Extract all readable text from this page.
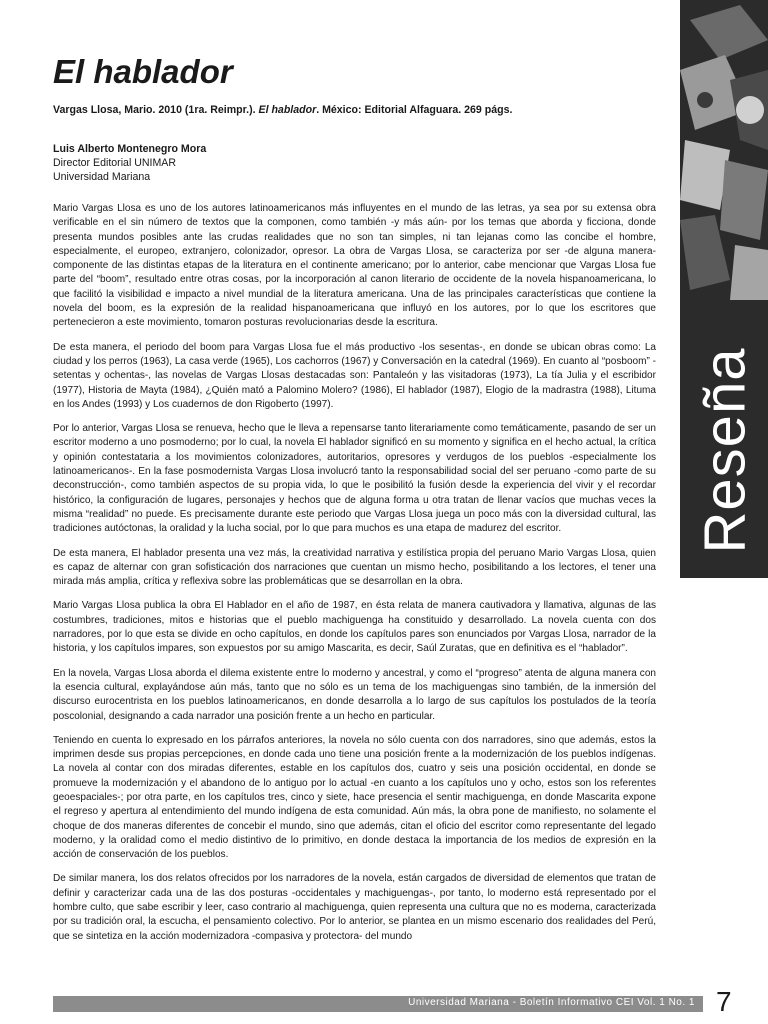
Reseña
El hablador

Vargas Llosa, Mario. 2010 (1ra. Reimpr.). El hablador. México: Editorial Alfaguara. 269 págs.

Luis Alberto Montenegro Mora
Director Editorial UNIMAR
Universidad Mariana

Mario Vargas Llosa es uno de los autores latinoamericanos más influyentes en el mundo de las letras, ya sea por su extensa obra verificable en el sin número de textos que la componen, como también -y más aún- por los temas que aborda y ficciona, donde presenta mundos posibles ante las crudas realidades que no son tan simples, ni tan lejanas como las concibe el hombre, especialmente, el europeo, extranjero, colonizador, opresor. La obra de Vargas Llosa, se caracteriza por ser -de alguna manera- componente de las distintas etapas de la literatura en el continente americano; por lo anterior, cabe mencionar que Vargas Llosa fue parte del “boom”, resultado entre otras cosas, por la incorporación al canon literario de occidente de la novela hispanoamericana, lo que facilitó la visibilidad e impacto a nivel mundial de la literatura americana. Una de las principales características que contiene la novela del boom, es la expresión de la realidad hispanoamericana que influyó en los autores, por lo que los escritores que pertenecieron a este movimiento, tomaron posturas revolucionarias desde la escritura.

De esta manera, el periodo del boom para Vargas Llosa fue el más productivo -los sesentas-, en donde se ubican obras como: La ciudad y los perros (1963), La casa verde (1965), Los cachorros (1967) y Conversación en la catedral (1969). En cuanto al “posboom” -setentas y ochentas-, las novelas de Vargas Llosas destacadas son: Pantaleón y las visitadoras (1973), La tía Julia y el escribidor (1977), Historia de Mayta (1984), ¿Quién mató a Palomino Molero? (1986), El hablador (1987), Elogio de la madrastra (1988), Lituma en los Andes (1993) y Los cuadernos de don Rigoberto (1997).

Por lo anterior, Vargas Llosa se renueva, hecho que le lleva a repensarse tanto literariamente como temáticamente, pasando de ser un escritor moderno a uno posmoderno; por lo cual, la novela El hablador significó en su momento y significa en el hecho actual, la crítica y opinión contestataria a los movimientos colonizadores, autoritarios, opresores y verdugos de los pueblos -especialmente los latinoamericanos-. En la fase posmodernista Vargas Llosa involucró tanto la responsabilidad social del ser peruano -como parte de su deconstrucción-, como también aspectos de su propia vida, lo que le posibilitó la fusión desde la experiencia del vivir y el recordar histórico, la configuración de lugares, personajes y hechos que de alguna forma u otra tratan de llenar vacíos que muchas veces la misma “realidad” no puede. Es precisamente durante este periodo que Vargas Llosa juega un poco más con la diversidad cultural, las tradiciones autóctonas, la oralidad y la lucha social, por lo que para muchos es una etapa de madurez del escritor.

De esta manera, El hablador presenta una vez más, la creatividad narrativa y estilística propia del peruano Mario Vargas Llosa, quien es capaz de alternar con gran sofisticación dos narraciones que cuentan un mismo hecho, posibilitando a los lectores, el tener una mirada más amplia, crítica y reflexiva sobre las problemáticas que se desarrollan en la obra.

Mario Vargas Llosa publica la obra El Hablador en el año de 1987, en ésta relata de manera cautivadora y llamativa, algunas de las costumbres, tradiciones, mitos e historias que el pueblo machiguenga ha constituido y desarrollado. La novela cuenta con dos narradores, por lo que esta se divide en ocho capítulos, en donde los capítulos pares son enunciados por Vargas Llosa, narrador de la historia, y los capítulos impares, son expuestos por su amigo Mascarita, es decir, Saúl Zuratas, que en definitiva es el “hablador”.

En la novela, Vargas Llosa aborda el dilema existente entre lo moderno y ancestral, y como el “progreso” atenta de alguna manera con la esencia cultural, explayándose aún más, tanto que no sólo es un tema de los machiguengas sino también, de la inmersión del discurso eurocentrista en los pueblos latinoamericanos, en donde desarrolla a lo largo de sus capítulos los postulados de la teoría poscolonial, designando a cada narrador una posición frente a un hecho en particular.

Teniendo en cuenta lo expresado en los párrafos anteriores, la novela no sólo cuenta con dos narradores, sino que además, estos la imprimen desde sus propias percepciones, en donde cada uno tiene una posición frente a la modernización de los pueblos indígenas. La novela al contar con dos miradas diferentes, estable en los capítulos dos, cuatro y seis una posición occidental, en donde se promueve la modernización y el abandono de lo antiguo por lo actual -en cuanto a los capítulos uno y ocho, estos son los referentes geoespaciales-; por otra parte, en los capítulos tres, cinco y siete, hace presencia el sentir machiguenga, en donde Mascarita expone el regreso y apertura al entendimiento del mundo indígena de esta comunidad. Aún más, la obra pone de manifiesto, no solamente el choque de dos maneras diferentes de concebir el mundo, sino que además, citan el oficio del escritor como representante del legado moderno, y la oralidad como el medio distintivo de lo primitivo, en donde destaca la importancia de los medios de expresión en la acción de conservación de los pueblos.

De similar manera, los dos relatos ofrecidos por los narradores de la novela, están cargados de diversidad de elementos que tratan de definir y caracterizar cada una de las dos posturas -occidentales y machiguengas-, por tanto, lo moderno está representado por el hombre culto, que sabe escribir y leer, caso contrario al machiguenga, quien representa una cultura que no es moderna, caracterizada por su tradición oral, la escucha, el pensamiento colectivo. Por lo anterior, se plantea en un mismo escenario dos realidades del Perú, que se sintetiza en la acción modernizadora -compasiva y protectora- del mundo

Universidad Mariana - Boletín Informativo CEI Vol. 1 No. 1 7
